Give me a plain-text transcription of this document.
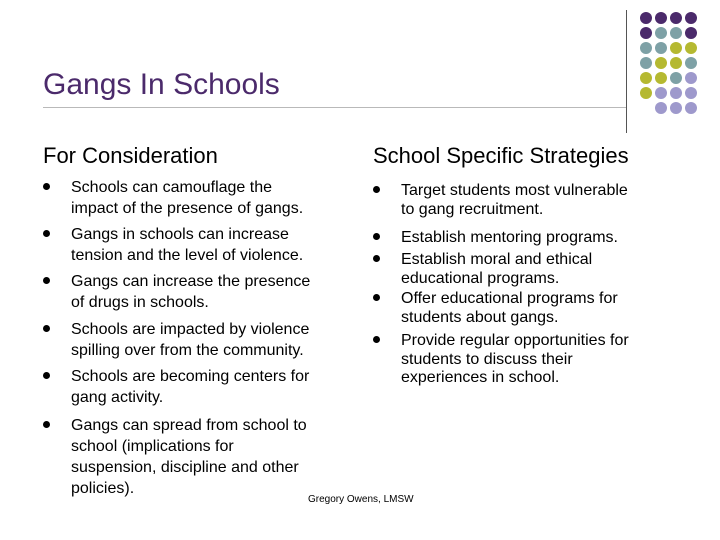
Gangs In Schools
For Consideration
Schools can camouflage the
impact of the presence of gangs.
Gangs in schools can increase
tension and the level of violence.
Gangs can increase the presence
of drugs in schools.
Schools are impacted by violence
spilling over from the community.
Schools are becoming centers for
gang activity.
Gangs can spread from school to
school (implications for
suspension, discipline and other
policies).
School Specific Strategies
Target students most vulnerable
to gang recruitment.
Establish mentoring programs.
Establish moral and ethical
educational programs.
Offer educational programs for
students about gangs.
Provide regular opportunities for
students to discuss their
experiences in school.
Gregory Owens, LMSW
